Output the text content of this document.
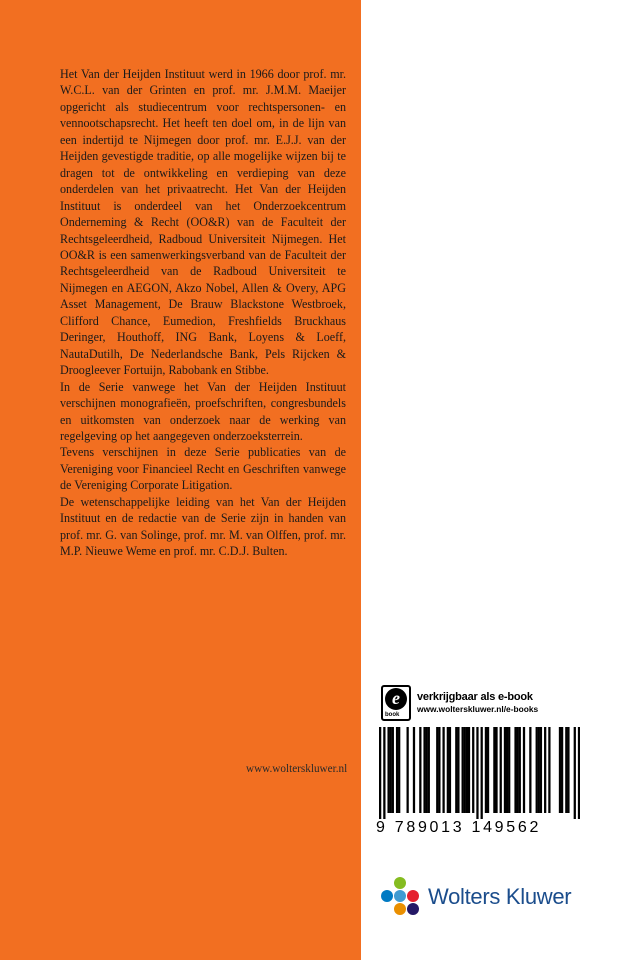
Het Van der Heijden Instituut werd in 1966 door prof. mr. W.C.L. van der Grinten en prof. mr. J.M.M. Maeijer opgericht als studiecentrum voor rechtspersonen- en vennootschapsrecht. Het heeft ten doel om, in de lijn van een indertijd te Nijmegen door prof. mr. E.J.J. van der Heijden gevestigde traditie, op alle mogelijke wijzen bij te dragen tot de ontwikkeling en verdieping van deze onderdelen van het privaatrecht. Het Van der Heijden Instituut is onderdeel van het Onderzoekcentrum Onderneming & Recht (OO&R) van de Faculteit der Rechtsgeleerdheid, Radboud Universiteit Nijmegen. Het OO&R is een samenwerkingsverband van de Faculteit der Rechtsgeleerdheid van de Radboud Universiteit te Nijmegen en AEGON, Akzo Nobel, Allen & Overy, APG Asset Management, De Brauw Blackstone Westbroek, Clifford Chance, Eumedion, Freshfields Bruckhaus Deringer, Houthoff, ING Bank, Loyens & Loeff, NautaDutilh, De Nederlandsche Bank, Pels Rijcken & Droogleever Fortuijn, Rabobank en Stibbe.

In de Serie vanwege het Van der Heijden Instituut verschijnen monografieën, proefschriften, congresbundels en uitkomsten van onderzoek naar de werking van regelgeving op het aangegeven onderzoeksterrein.

Tevens verschijnen in deze Serie publicaties van de Vereniging voor Financieel Recht en Geschriften vanwege de Vereniging Corporate Litigation.

De wetenschappelijke leiding van het Van der Heijden Instituut en de redactie van de Serie zijn in handen van prof. mr. G. van Solinge, prof. mr. M. van Olffen, prof. mr. M.P. Nieuwe Weme en prof. mr. C.D.J. Bulten.

www.wolterskluwer.nl
e
book
verkrijgbaar als e-book
www.wolterskluwer.nl/e-books
9 789013 149562
Wolters Kluwer
